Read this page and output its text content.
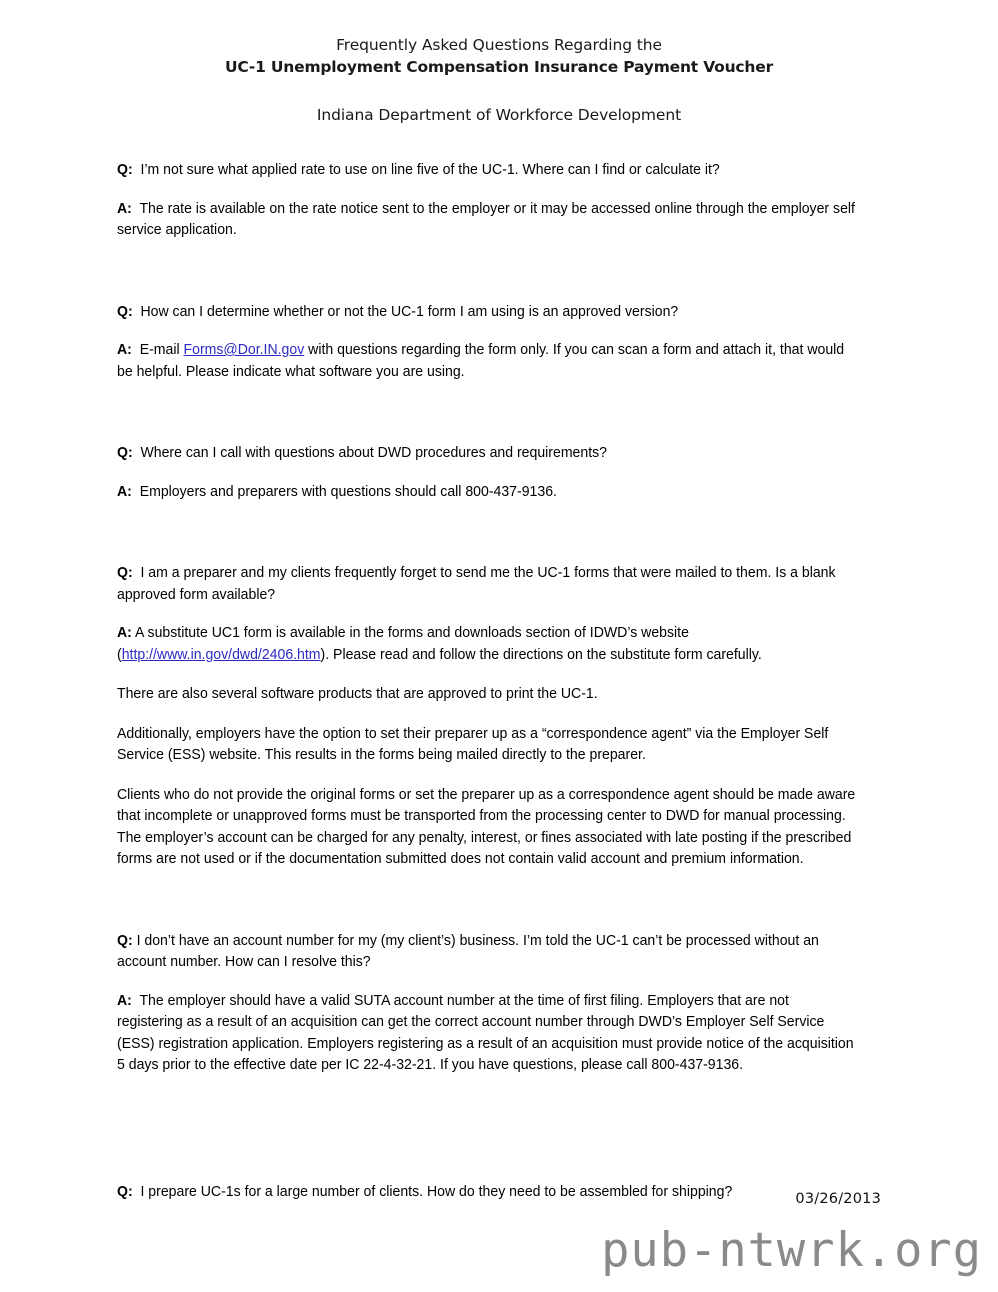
Frequently Asked Questions Regarding the
UC-1 Unemployment Compensation Insurance Payment Voucher
Indiana Department of Workforce Development

Q: I’m not sure what applied rate to use on line five of the UC-1. Where can I find or calculate it?

A: The rate is available on the rate notice sent to the employer or it may be accessed online through the employer self service application.

Q: How can I determine whether or not the UC-1 form I am using is an approved version?

A: E-mail Forms@Dor.IN.gov with questions regarding the form only. If you can scan a form and attach it, that would be helpful. Please indicate what software you are using.

Q: Where can I call with questions about DWD procedures and requirements?

A: Employers and preparers with questions should call 800-437-9136.

Q: I am a preparer and my clients frequently forget to send me the UC-1 forms that were mailed to them. Is a blank approved form available?

A: A substitute UC1 form is available in the forms and downloads section of IDWD’s website (http://www.in.gov/dwd/2406.htm). Please read and follow the directions on the substitute form carefully.

There are also several software products that are approved to print the UC-1.

Additionally, employers have the option to set their preparer up as a “correspondence agent” via the Employer Self Service (ESS) website. This results in the forms being mailed directly to the preparer.

Clients who do not provide the original forms or set the preparer up as a correspondence agent should be made aware that incomplete or unapproved forms must be transported from the processing center to DWD for manual processing. The employer’s account can be charged for any penalty, interest, or fines associated with late posting if the prescribed forms are not used or if the documentation submitted does not contain valid account and premium information.

Q: I don’t have an account number for my (my client’s) business. I’m told the UC-1 can’t be processed without an account number. How can I resolve this?

A: The employer should have a valid SUTA account number at the time of first filing. Employers that are not registering as a result of an acquisition can get the correct account number through DWD’s Employer Self Service (ESS) registration application. Employers registering as a result of an acquisition must provide notice of the acquisition 5 days prior to the effective date per IC 22-4-32-21. If you have questions, please call 800-437-9136.

Q: I prepare UC-1s for a large number of clients. How do they need to be assembled for shipping?	03/26/2013
pub-ntwrk.org
